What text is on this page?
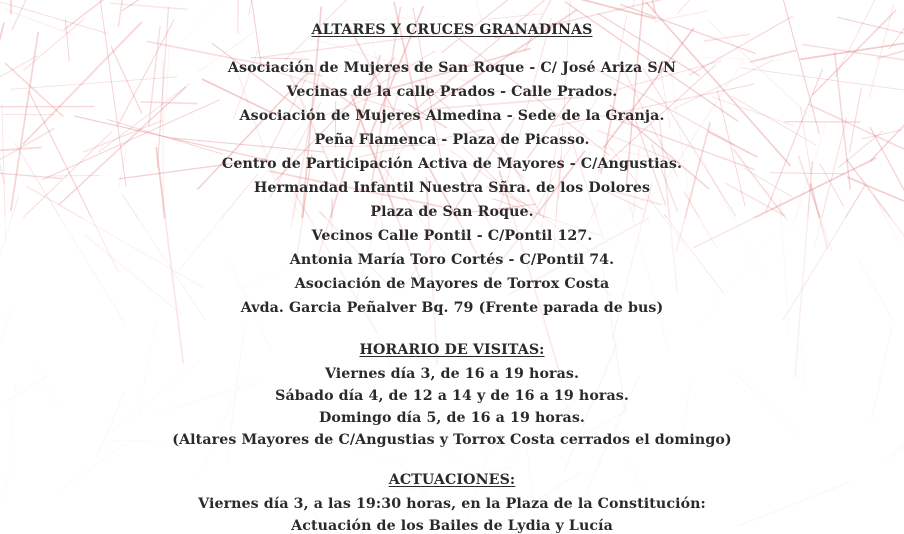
ALTARES Y CRUCES GRANADINAS
Asociación de Mujeres de San Roque - C/ José Ariza S/N
Vecinas de la calle Prados - Calle Prados.
Asociación de Mujeres Almedina - Sede de la Granja.
Peña Flamenca - Plaza de Picasso.
Centro de Participación Activa de Mayores - C/Angustias.
Hermandad Infantil Nuestra Sñra. de los Dolores
Plaza de San Roque.
Vecinos Calle Pontil - C/Pontil 127.
Antonia María Toro Cortés - C/Pontil 74.
Asociación de Mayores de Torrox Costa
Avda. Garcia Peñalver Bq. 79 (Frente parada de bus)
HORARIO DE VISITAS:
Viernes día 3, de 16 a 19 horas.
Sábado día 4, de 12 a 14 y de 16 a 19 horas.
Domingo día 5, de 16 a 19 horas.
(Altares Mayores de C/Angustias y Torrox Costa cerrados el domingo)
ACTUACIONES:
Viernes día 3, a las 19:30 horas, en la Plaza de la Constitución:
Actuación de los Bailes de Lydia y Lucía
